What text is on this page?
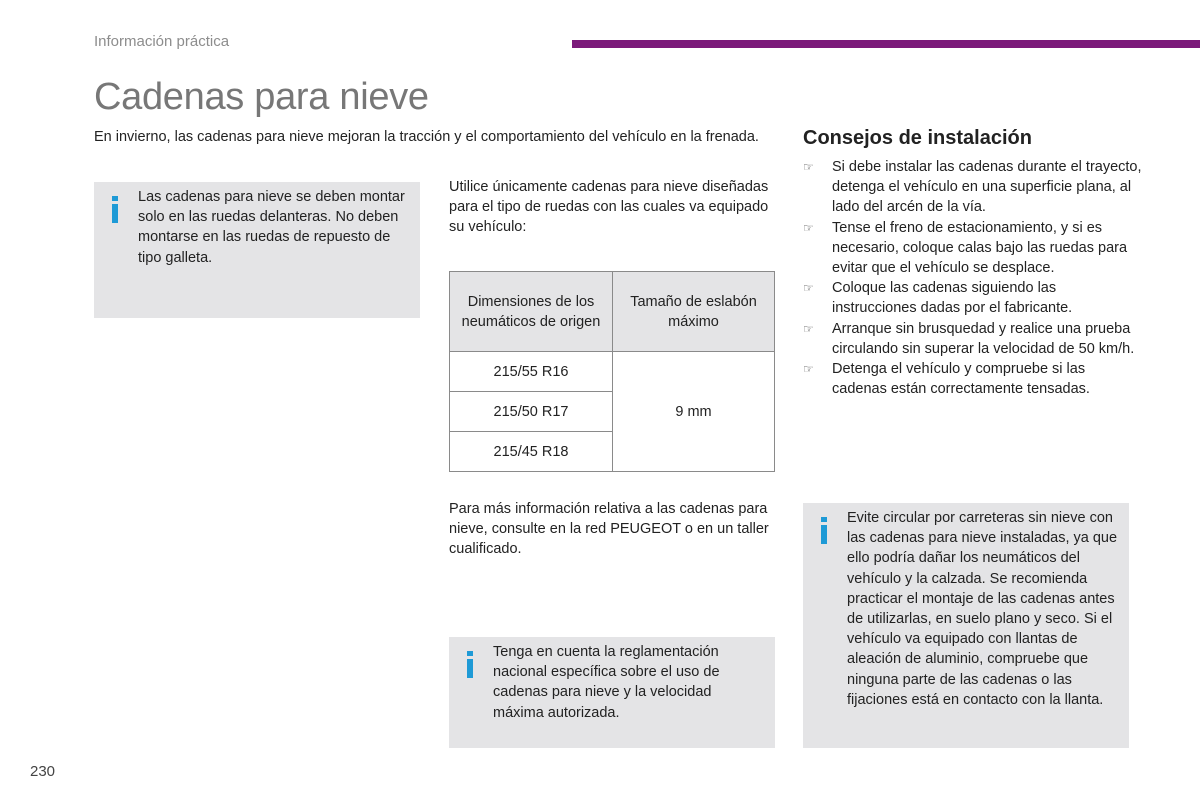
Información práctica
Cadenas para nieve
En invierno, las cadenas para nieve mejoran la tracción y el comportamiento del vehículo en la frenada.
Las cadenas para nieve se deben montar solo en las ruedas delanteras. No deben montarse en las ruedas de repuesto de tipo galleta.
Utilice únicamente cadenas para nieve diseñadas para el tipo de ruedas con las cuales va equipado su vehículo:
Dimensiones de los neumáticos de origen	Tamaño de eslabón máximo
215/55 R16	9 mm
215/50 R17	
215/45 R18	
Para más información relativa a las cadenas para nieve, consulte en la red PEUGEOT o en un taller cualificado.
Tenga en cuenta la reglamentación nacional específica sobre el uso de cadenas para nieve y la velocidad máxima autorizada.
Consejos de instalación
☞ Si debe instalar las cadenas durante el trayecto, detenga el vehículo en una superficie plana, al lado del arcén de la vía.
☞ Tense el freno de estacionamiento, y si es necesario, coloque calas bajo las ruedas para evitar que el vehículo se desplace.
☞ Coloque las cadenas siguiendo las instrucciones dadas por el fabricante.
☞ Arranque sin brusquedad y realice una prueba circulando sin superar la velocidad de 50 km/h.
☞ Detenga el vehículo y compruebe si las cadenas están correctamente tensadas.
Evite circular por carreteras sin nieve con las cadenas para nieve instaladas, ya que ello podría dañar los neumáticos del vehículo y la calzada. Se recomienda practicar el montaje de las cadenas antes de utilizarlas, en suelo plano y seco. Si el vehículo va equipado con llantas de aleación de aluminio, compruebe que ninguna parte de las cadenas o las fijaciones está en contacto con la llanta.
230
